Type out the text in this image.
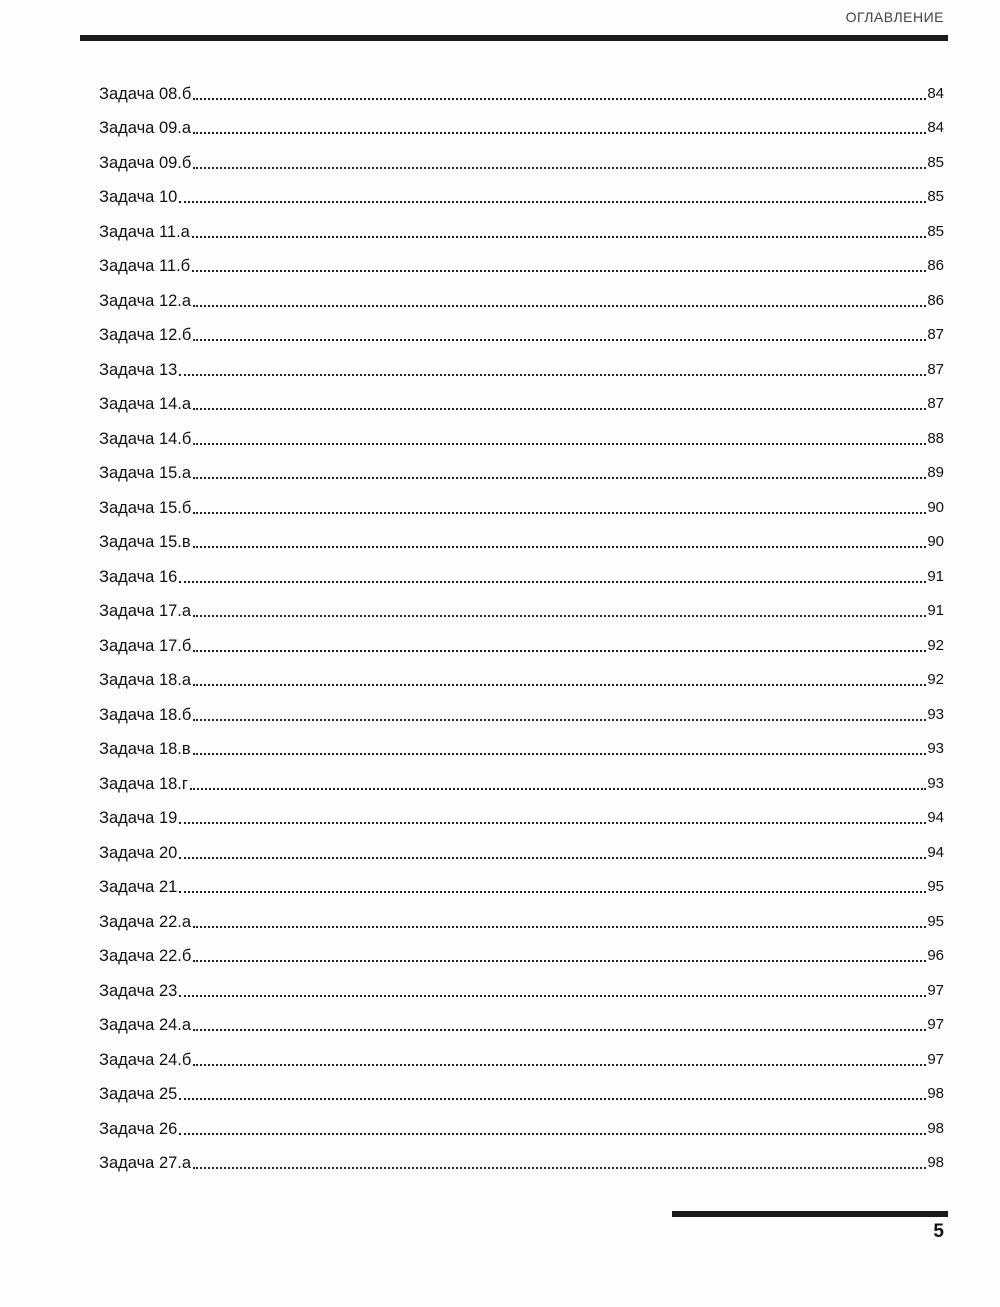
ОГЛАВЛЕНИЕ
Задача 08.б	84
Задача 09.а	84
Задача 09.б	85
Задача 10	85
Задача 11.а	85
Задача 11.б	86
Задача 12.а	86
Задача 12.б	87
Задача 13	87
Задача 14.а	87
Задача 14.б	88
Задача 15.а	89
Задача 15.б	90
Задача 15.в	90
Задача 16	91
Задача 17.а	91
Задача 17.б	92
Задача 18.а	92
Задача 18.б	93
Задача 18.в	93
Задача 18.г	93
Задача 19	94
Задача 20	94
Задача 21	95
Задача 22.а	95
Задача 22.б	96
Задача 23	97
Задача 24.а	97
Задача 24.б	97
Задача 25	98
Задача 26	98
Задача 27.а	98
5
